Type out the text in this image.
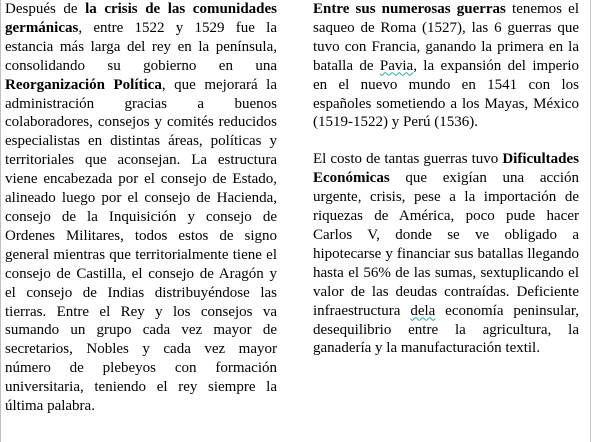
Después de la crisis de las comunidades germánicas, entre 1522 y 1529 fue la estancia más larga del rey en la península, consolidando su gobierno en una Reorganización Política, que mejorará la administración gracias a buenos colaboradores, consejos y comités reducidos especialistas en distintas áreas, políticas y territoriales que aconsejan. La estructura viene encabezada por el consejo de Estado, alineado luego por el consejo de Hacienda, consejo de la Inquisición y consejo de Ordenes Militares, todos estos de signo general mientras que territorialmente tiene el consejo de Castilla, el consejo de Aragón y el consejo de Indias distribuyéndose las tierras. Entre el Rey y los consejos va sumando un grupo cada vez mayor de secretarios, Nobles y cada vez mayor número de plebeyos con formación universitaria, teniendo el rey siempre la última palabra.

Entre sus numerosas guerras tenemos el saqueo de Roma (1527), las 6 guerras que tuvo con Francia, ganando la primera en la batalla de Pavia, la expansión del imperio en el nuevo mundo en 1541 con los españoles sometiendo a los Mayas, México (1519-1522) y Perú (1536).

El costo de tantas guerras tuvo Dificultades Económicas que exigían una acción urgente, crisis, pese a la importación de riquezas de América, poco pude hacer Carlos V, donde se ve obligado a hipotecarse y financiar sus batallas llegando hasta el 56% de las sumas, sextuplicando el valor de las deudas contraídas. Deficiente infraestructura dela economía peninsular, desequilibrio entre la agricultura, la ganadería y la manufacturación textil.
